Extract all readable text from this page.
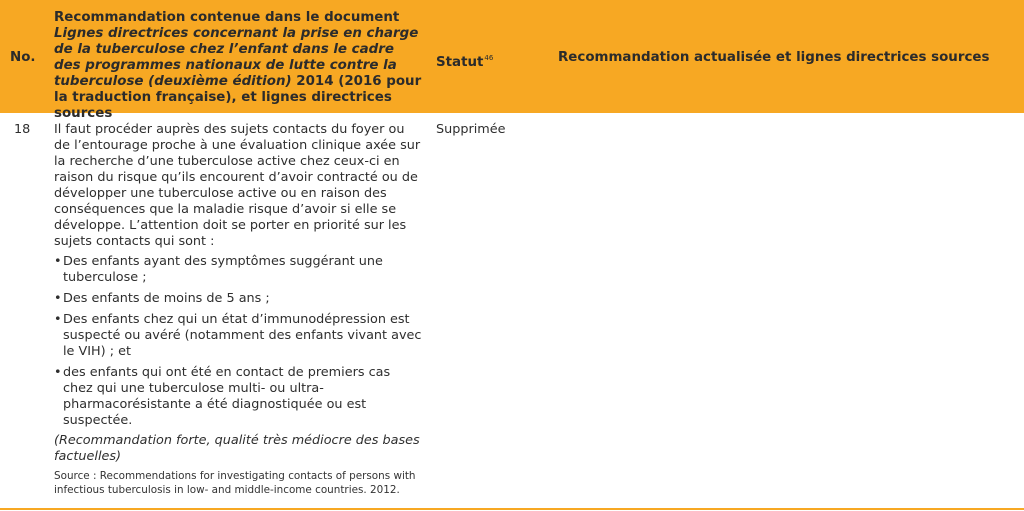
No.
Recommandation contenue dans le document
Lignes directrices concernant la prise en charge de la tuberculose chez l’enfant dans le cadre des programmes nationaux de lutte contre la tuberculose (deuxième édition) 2014 (2016 pour la traduction française), et lignes directrices sources
Statut$^{46}$	Recommandation actualisée et lignes directrices sources
18 Il faut procéder auprès des sujets contacts du foyer ou de l’entourage proche à une évaluation clinique axée sur la recherche d’une tuberculose active chez ceux-ci en raison du risque qu’ils encourent d’avoir contracté ou de développer une tuberculose active ou en raison des conséquences que la maladie risque d’avoir si elle se développe. L’attention doit se porter en priorité sur les sujets contacts qui sont :

• Des enfants ayant des symptômes suggérant une tuberculose ;

• Des enfants de moins de 5 ans ;

• Des enfants chez qui un état d’immunodépression est suspecté ou avéré (notamment des enfants vivant avec le VIH) ; et

• des enfants qui ont été en contact de premiers cas chez qui une tuberculose multi- ou ultra- pharmacorésistante a été diagnostiquée ou est suspectée.

(Recommandation forte, qualité très médiocre des bases factuelles)

Source : Recommendations for investigating contacts of persons with infectious tuberculosis in low- and middle-income countries. 2012.

Supprimée
